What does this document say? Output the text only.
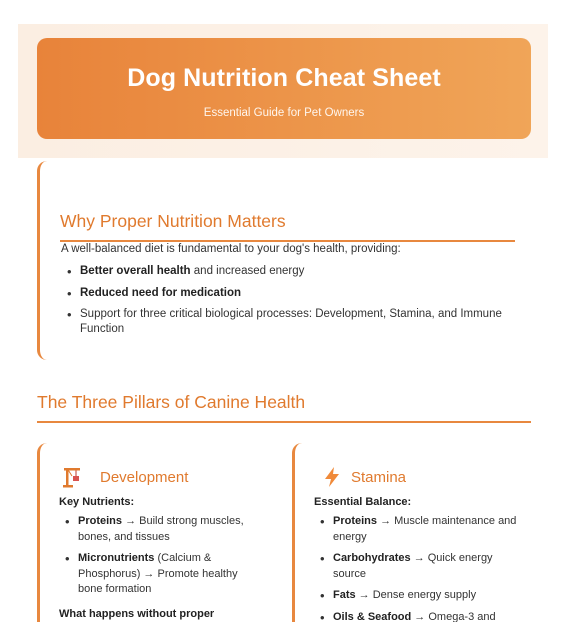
Dog Nutrition Cheat Sheet
Essential Guide for Pet Owners
Why Proper Nutrition Matters
A well-balanced diet is fundamental to your dog's health, providing:
• Better overall health and increased energy
• Reduced need for medication
• Support for three critical biological processes: Development, Stamina, and Immune Function
The Three Pillars of Canine Health
Development
Key Nutrients:
• Proteins → Build strong muscles, bones, and tissues
• Micronutrients (Calcium & Phosphorus) → Promote healthy bone formation
What happens without proper
Stamina
Essential Balance:
• Proteins → Muscle maintenance and energy
• Carbohydrates → Quick energy source
• Fats → Dense energy supply
• Oils & Seafood → Omega-3 and
